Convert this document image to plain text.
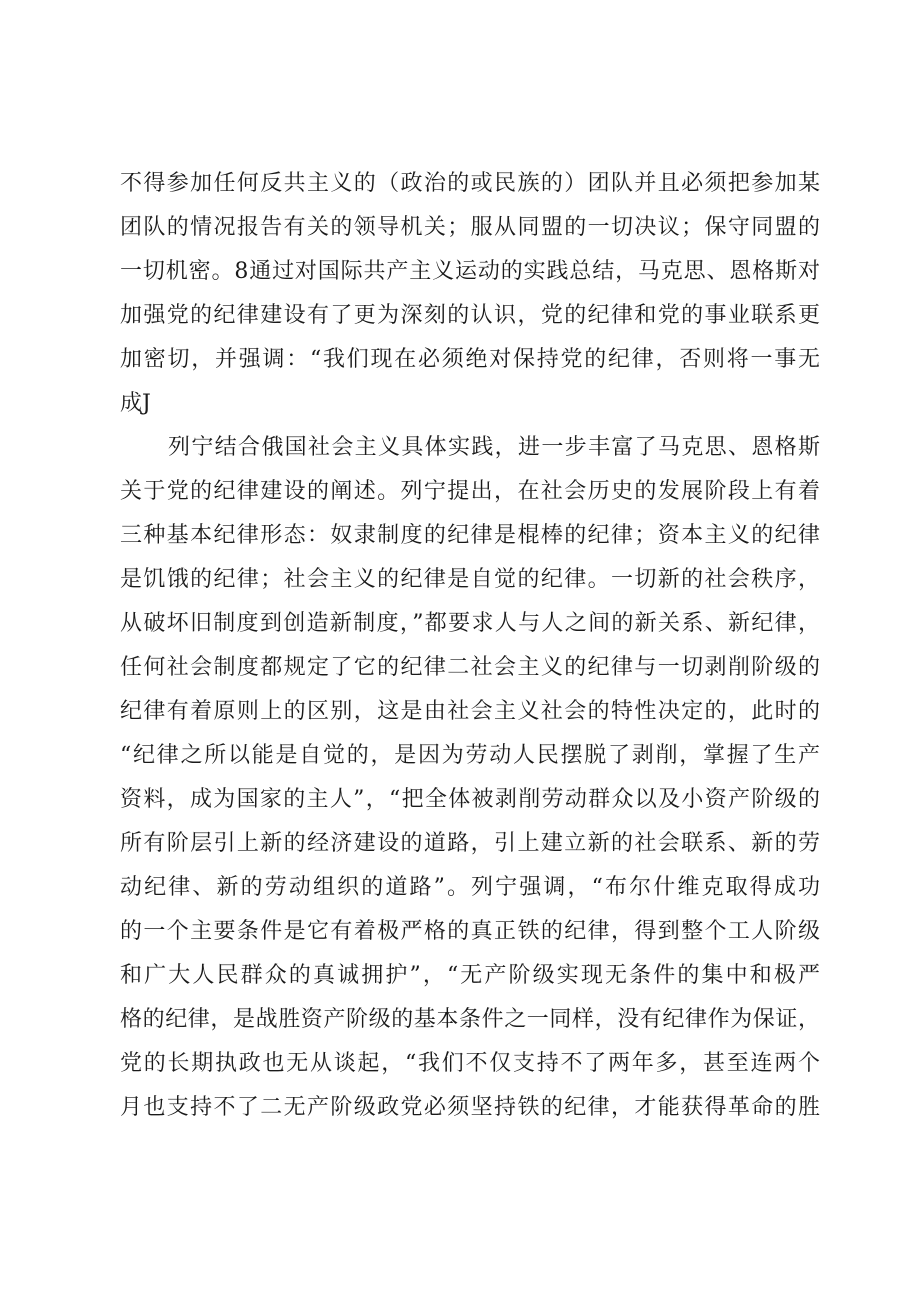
不得参加任何反共主义的（政治的或民族的）团队并且必须把参加某
团队的情况报告有关的领导机关；服从同盟的一切决议；保守同盟的
一切机密。8通过对国际共产主义运动的实践总结，马克思、恩格斯对
加强党的纪律建设有了更为深刻的认识，党的纪律和党的事业联系更
加密切，并强调：“我们现在必须绝对保持党的纪律，否则将一事无
成J
列宁结合俄国社会主义具体实践，进一步丰富了马克思、恩格斯
关于党的纪律建设的阐述。列宁提出，在社会历史的发展阶段上有着
三种基本纪律形态：奴隶制度的纪律是棍棒的纪律；资本主义的纪律
是饥饿的纪律；社会主义的纪律是自觉的纪律。一切新的社会秩序，
从破坏旧制度到创造新制度，”都要求人与人之间的新关系、新纪律，
任何社会制度都规定了它的纪律二社会主义的纪律与一切剥削阶级的
纪律有着原则上的区别，这是由社会主义社会的特性决定的，此时的
“纪律之所以能是自觉的，是因为劳动人民摆脱了剥削，掌握了生产
资料，成为国家的主人”，“把全体被剥削劳动群众以及小资产阶级的
所有阶层引上新的经济建设的道路，引上建立新的社会联系、新的劳
动纪律、新的劳动组织的道路”。列宁强调，“布尔什维克取得成功
的一个主要条件是它有着极严格的真正铁的纪律，得到整个工人阶级
和广大人民群众的真诚拥护”，“无产阶级实现无条件的集中和极严
格的纪律，是战胜资产阶级的基本条件之一同样，没有纪律作为保证，
党的长期执政也无从谈起，“我们不仅支持不了两年多，甚至连两个
月也支持不了二无产阶级政党必须坚持铁的纪律，才能获得革命的胜
